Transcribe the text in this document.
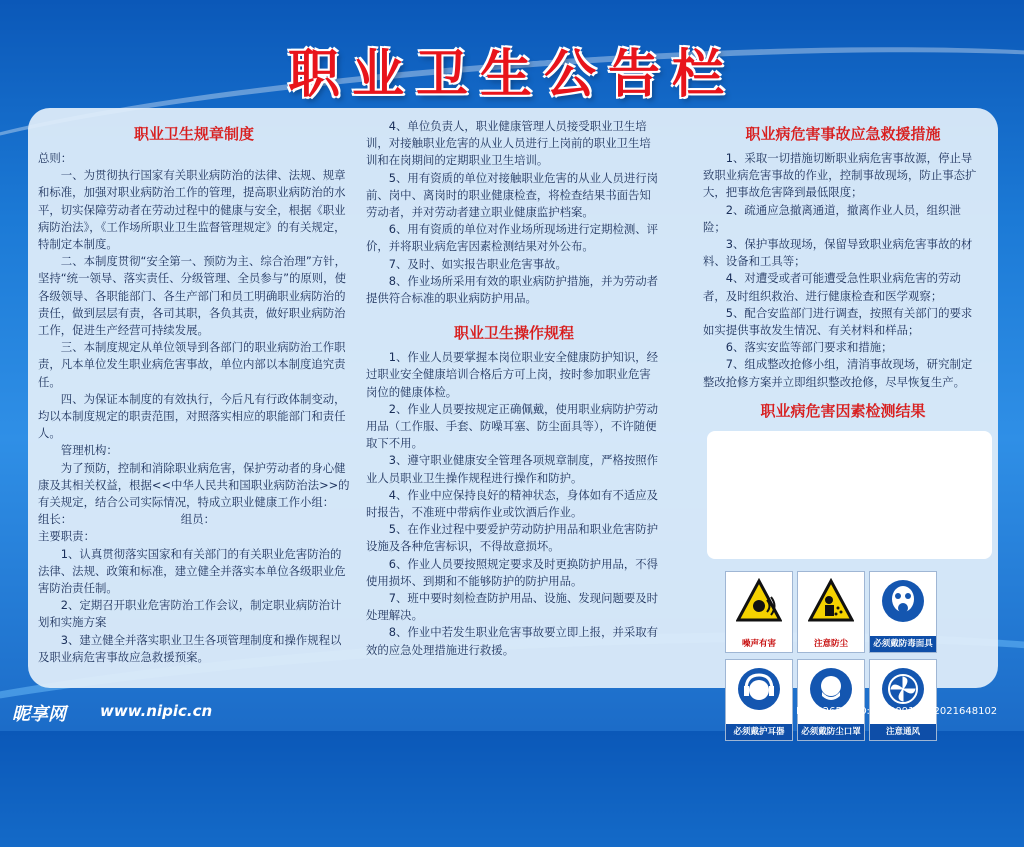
职业卫生公告栏
职业卫生规章制度

总则：

一、为贯彻执行国家有关职业病防治的法律、法规、规章和标准，加强对职业病防治工作的管理，提高职业病防治的水平，切实保障劳动者在劳动过程中的健康与安全，根据《职业病防治法》，《工作场所职业卫生监督管理规定》的有关规定，特制定本制度。

二、本制度贯彻“安全第一、预防为主、综合治理”方针，坚持“统一领导、落实责任、分级管理、全员参与”的原则，使各级领导、各职能部门、各生产部门和员工明确职业病防治的责任，做到层层有责，各司其职，各负其责，做好职业病防治工作，促进生产经营可持续发展。

三、本制度规定从单位领导到各部门的职业病防治工作职责，凡本单位发生职业病危害事故，单位内部以本制度追究责任。

四、为保证本制度的有效执行，今后凡有行政体制变动，均以本制度规定的职责范围，对照落实相应的职能部门和责任人。

管理机构：

为了预防，控制和消除职业病危害，保护劳动者的身心健康及其相关权益，根据<<中华人民共和国职业病防治法>>的有关规定，结合公司实际情况，特成立职业健康工作小组：

组长：                              组员：

主要职责：

1、认真贯彻落实国家和有关部门的有关职业危害防治的法律、法规、政策和标准，建立健全并落实本单位各级职业危害防治责任制。

2、定期召开职业危害防治工作会议，制定职业病防治计划和实施方案

3、建立健全并落实职业卫生各项管理制度和操作规程以及职业病危害事故应急救援预案。

4、单位负责人，职业健康管理人员接受职业卫生培训，对接触职业危害的从业人员进行上岗前的职业卫生培训和在岗期间的定期职业卫生培训。

5、用有资质的单位对接触职业危害的从业人员进行岗前、岗中、离岗时的职业健康检查，将检查结果书面告知劳动者，并对劳动者建立职业健康监护档案。

6、用有资质的单位对作业场所现场进行定期检测、评价，并将职业病危害因素检测结果对外公布。

7、及时、如实报告职业危害事故。

8、作业场所采用有效的职业病防护措施，并为劳动者提供符合标准的职业病防护用品。

职业卫生操作规程

1、作业人员要掌握本岗位职业安全健康防护知识，经过职业安全健康培训合格后方可上岗，按时参加职业危害岗位的健康体检。

2、作业人员要按规定正确佩戴，使用职业病防护劳动用品（工作服、手套、防噪耳塞、防尘面具等），不许随便取下不用。

3、遵守职业健康安全管理各项规章制度，严格按照作业人员职业卫生操作规程进行操作和防护。

4、作业中应保持良好的精神状态，身体如有不适应及时报告，不准班中带病作业或饮酒后作业。

5、在作业过程中要爱护劳动防护用品和职业危害防护设施及各种危害标识，不得故意损坏。

6、作业人员要按照规定要求及时更换防护用品，不得使用损坏、到期和不能够防护的防护用品。

7、班中要时刻检查防护用品、设施、发现问题要及时处理解决。

8、作业中若发生职业危害事故要立即上报，并采取有效的应急处理措施进行救援。

职业病危害事故应急救援措施

1、采取一切措施切断职业病危害事故源，停止导致职业病危害事故的作业，控制事故现场，防止事态扩大，把事故危害降到最低限度；

2、疏通应急撤离通道，撤离作业人员，组织泄险；

3、保护事故现场，保留导致职业病危害事故的材料、设备和工具等；

4、对遭受或者可能遭受急性职业病危害的劳动者，及时组织救治、进行健康检查和医学观察；

5、配合安监部门进行调查，按照有关部门的要求如实提供事故发生情况、有关材料和样品；

6、落实安监等部门要求和措施；

7、组成整改抢修小组，清消事故现场，研究制定整改抢修方案并立即组织整改抢修，尽早恢复生产。

职业病危害因素检测结果
噪声有害	注意防尘	必须戴防毒面具
必须戴护耳器	必须戴防尘口罩	注意通风
昵享网 www.nipic.cn	ID:212656 NO:20220912092021648102
